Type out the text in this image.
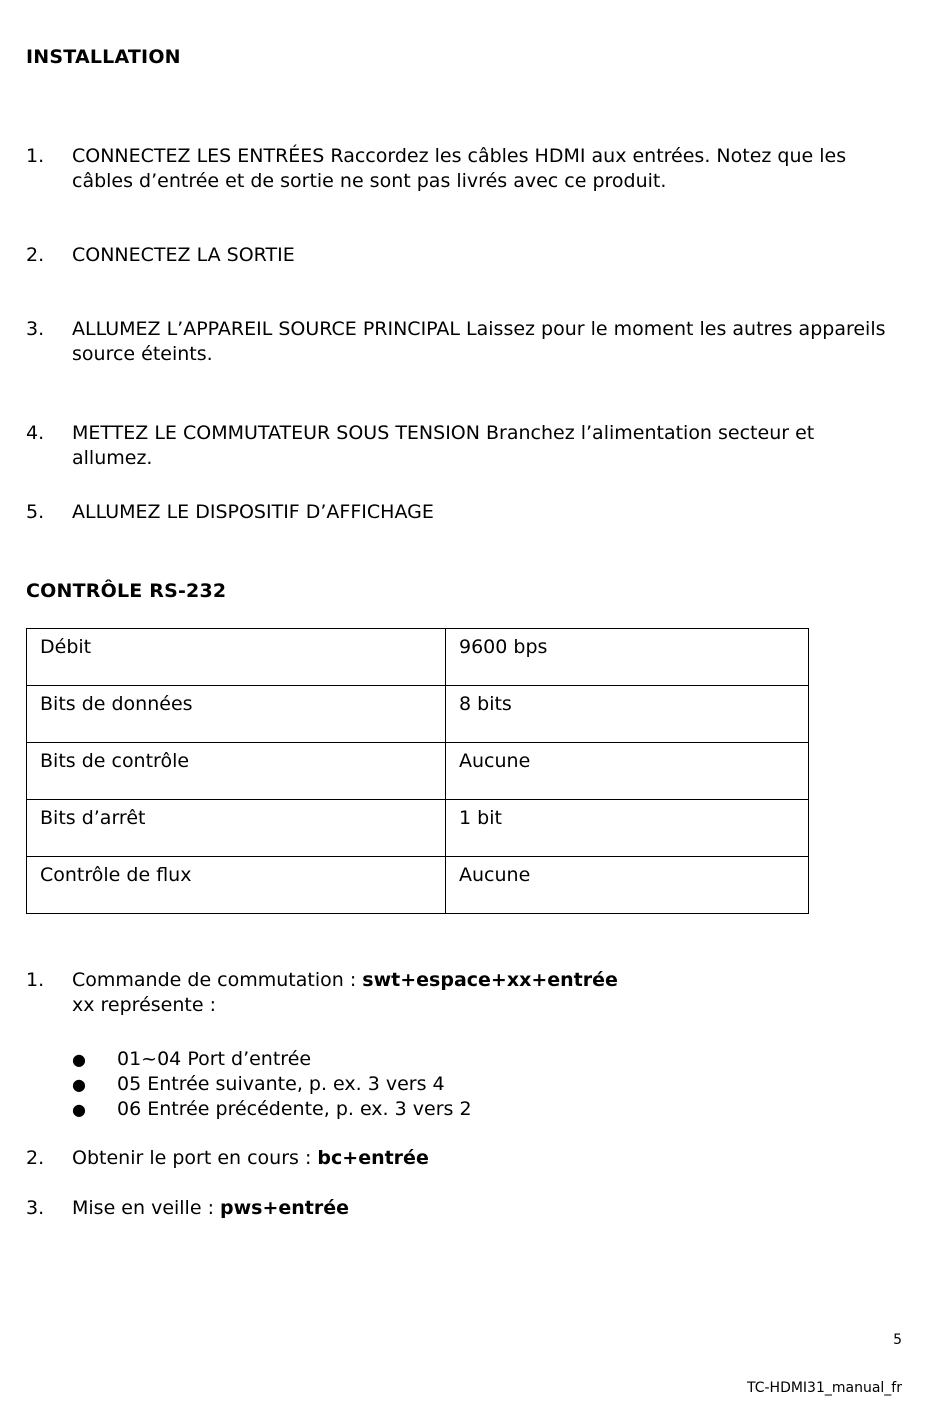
INSTALLATION
1. CONNECTEZ LES ENTRÉES Raccordez les câbles HDMI aux entrées. Notez que les câbles d’entrée et de sortie ne sont pas livrés avec ce produit.
2. CONNECTEZ LA SORTIE
3. ALLUMEZ L’APPAREIL SOURCE PRINCIPAL Laissez pour le moment les autres appareils source éteints.
4. METTEZ LE COMMUTATEUR SOUS TENSION Branchez l’alimentation secteur et allumez.
5. ALLUMEZ LE DISPOSITIF D’AFFICHAGE
CONTRÔLE RS-232
Débit	9600 bps
Bits de données	8 bits
Bits de contrôle	Aucune
Bits d’arrêt	1 bit
Contrôle de flux	Aucune
1. Commande de commutation : swt+espace+xx+entrée
xx représente :
● 01~04 Port d’entrée
● 05 Entrée suivante, p. ex. 3 vers 4
● 06 Entrée précédente, p. ex. 3 vers 2
2. Obtenir le port en cours : bc+entrée
3. Mise en veille : pws+entrée
5
TC-HDMI31_manual_fr
